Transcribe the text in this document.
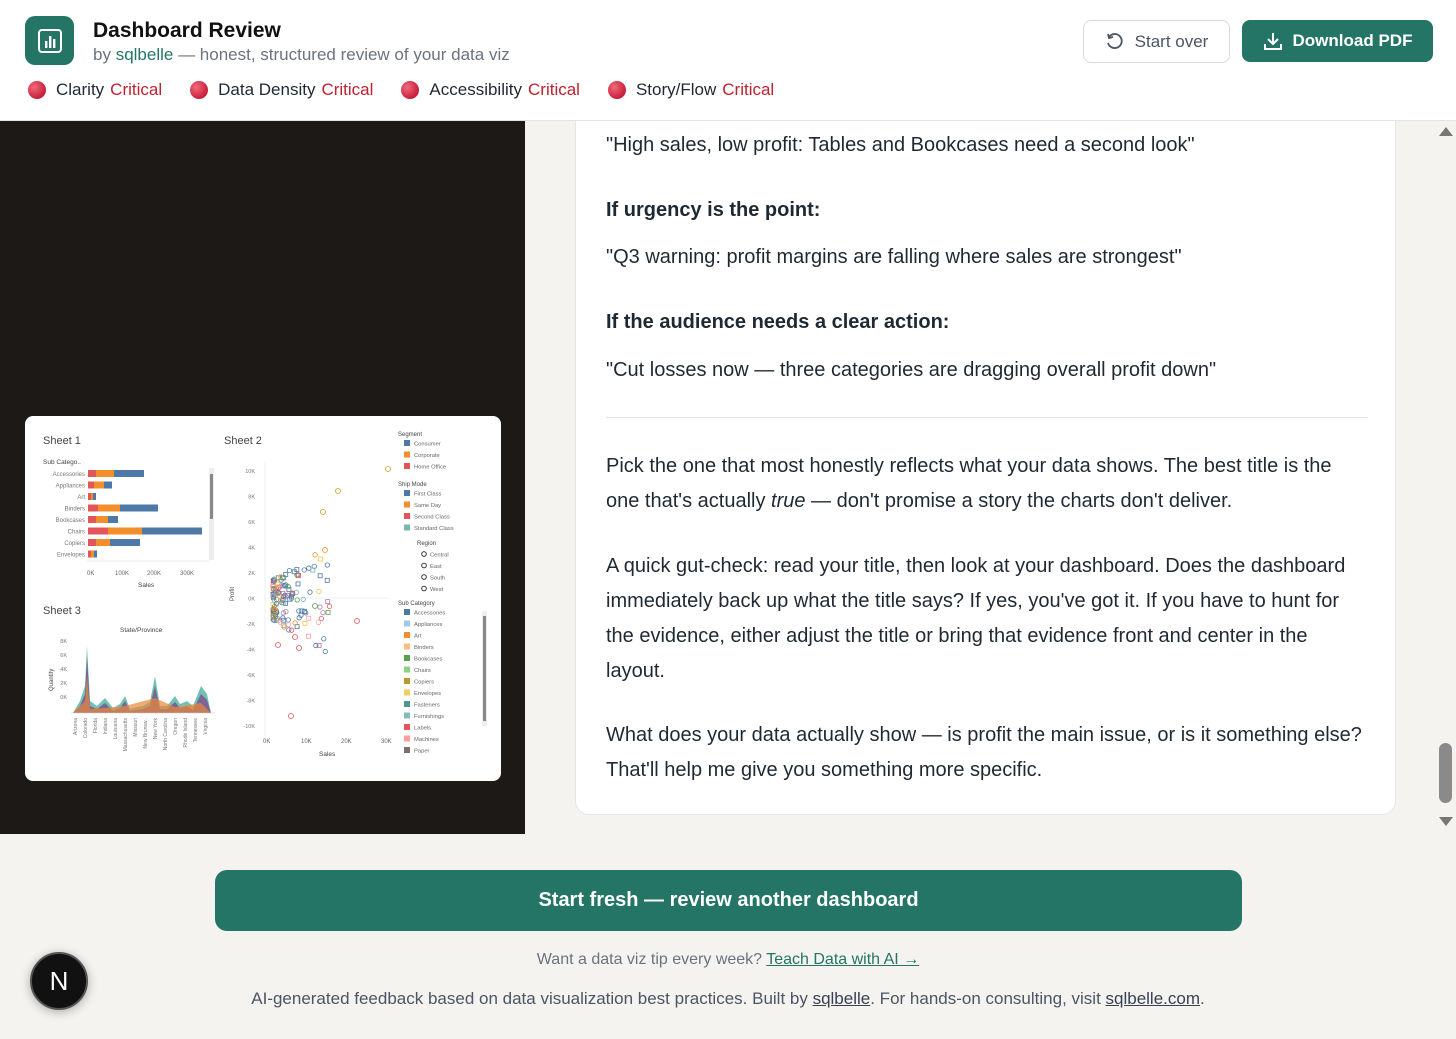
Dashboard Review
by sqlbelle — honest, structured review of your data viz
Start over	Download PDF
Clarity Critical	Data Density Critical	Accessibility Critical	Story/Flow Critical
Sheet 1
Sub Catego..
Accessories
Appliances
Art
Binders
Bookcases
Chairs
Copiers
Envelopes
0K	100K	200K	300K
Sales
Sheet 3
State/Province
Quantity
8K
6K
4K
2K
0K
Arizona Colorado Florida Indiana Louisiana Massachusetts Missouri New Brunsw.. New York North Carolina Oregon Rhode Island Tennessee Virginia
Sheet 2
Profit
10K
8K
6K
4K
2K
0K
-2K
-4K
-6K
-8K
-10K
0K	10K	20K	30K
Sales
Segment
Consumer
Corporate
Home Office
Ship Mode
First Class
Same Day
Second Class
Standard Class
Region
Central
East
South
West
Sub Category
Accessories
Appliances
Art
Binders
Bookcases
Chairs
Copiers
Envelopes
Fasteners
Furnishings
Labels
Machines
Paper
"High sales, low profit: Tables and Bookcases need a second look"
If urgency is the point:
"Q3 warning: profit margins are falling where sales are strongest"
If the audience needs a clear action:
"Cut losses now — three categories are dragging overall profit down"
Pick the one that most honestly reflects what your data shows. The best title is the one that's actually true — don't promise a story the charts don't deliver.
A quick gut-check: read your title, then look at your dashboard. Does the dashboard immediately back up what the title says? If yes, you've got it. If you have to hunt for the evidence, either adjust the title or bring that evidence front and center in the layout.
What does your data actually show — is profit the main issue, or is it something else? That'll help me give you something more specific.
Start fresh — review another dashboard
Want a data viz tip every week? Teach Data with AI →
AI-generated feedback based on data visualization best practices. Built by sqlbelle. For hands-on consulting, visit sqlbelle.com.
N
